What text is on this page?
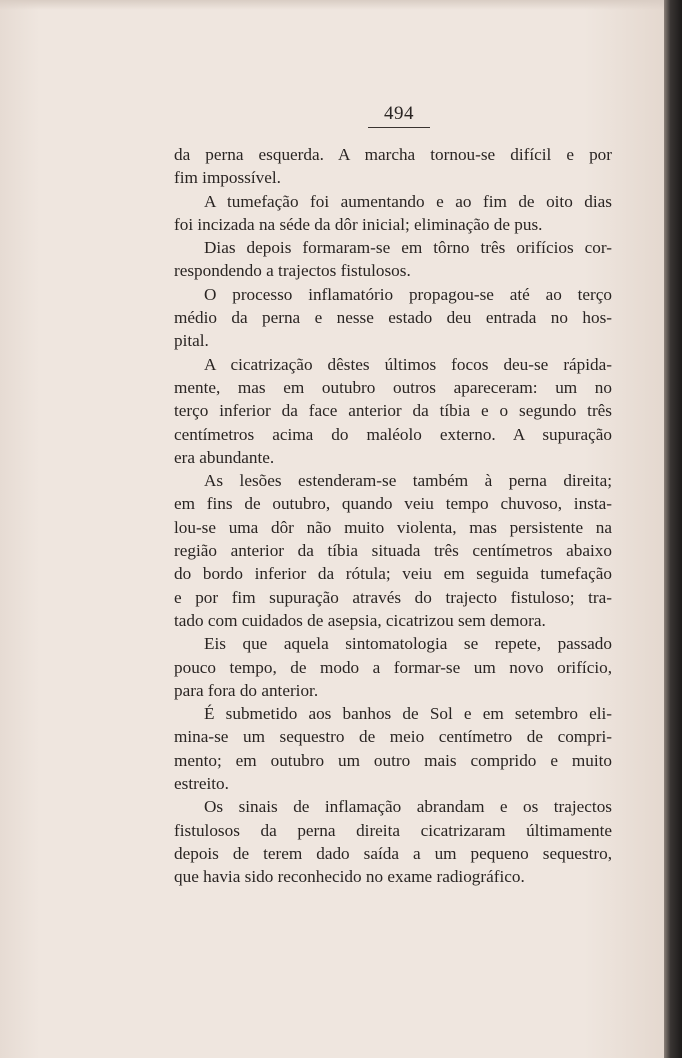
494
da perna esquerda. A marcha tornou-se difícil e por
fim impossível.
A tumefação foi aumentando e ao fim de oito dias
foi incizada na séde da dôr inicial; eliminação de pus.
Dias depois formaram-se em tôrno três orifícios cor-
respondendo a trajectos fistulosos.
O processo inflamatório propagou-se até ao terço
médio da perna e nesse estado deu entrada no hos-
pital.
A cicatrização dêstes últimos focos deu-se rápida-
mente, mas em outubro outros apareceram: um no
terço inferior da face anterior da tíbia e o segundo três
centímetros acima do maléolo externo. A supuração
era abundante.
As lesões estenderam-se também à perna direita;
em fins de outubro, quando veiu tempo chuvoso, insta-
lou-se uma dôr não muito violenta, mas persistente na
região anterior da tíbia situada três centímetros abaixo
do bordo inferior da rótula; veiu em seguida tumefação
e por fim supuração através do trajecto fistuloso; tra-
tado com cuidados de asepsia, cicatrizou sem demora.
Eis que aquela sintomatologia se repete, passado
pouco tempo, de modo a formar-se um novo orifício,
para fora do anterior.
É submetido aos banhos de Sol e em setembro eli-
mina-se um sequestro de meio centímetro de compri-
mento; em outubro um outro mais comprido e muito
estreito.
Os sinais de inflamação abrandam e os trajectos
fistulosos da perna direita cicatrizaram últimamente
depois de terem dado saída a um pequeno sequestro,
que havia sido reconhecido no exame radiográfico.
